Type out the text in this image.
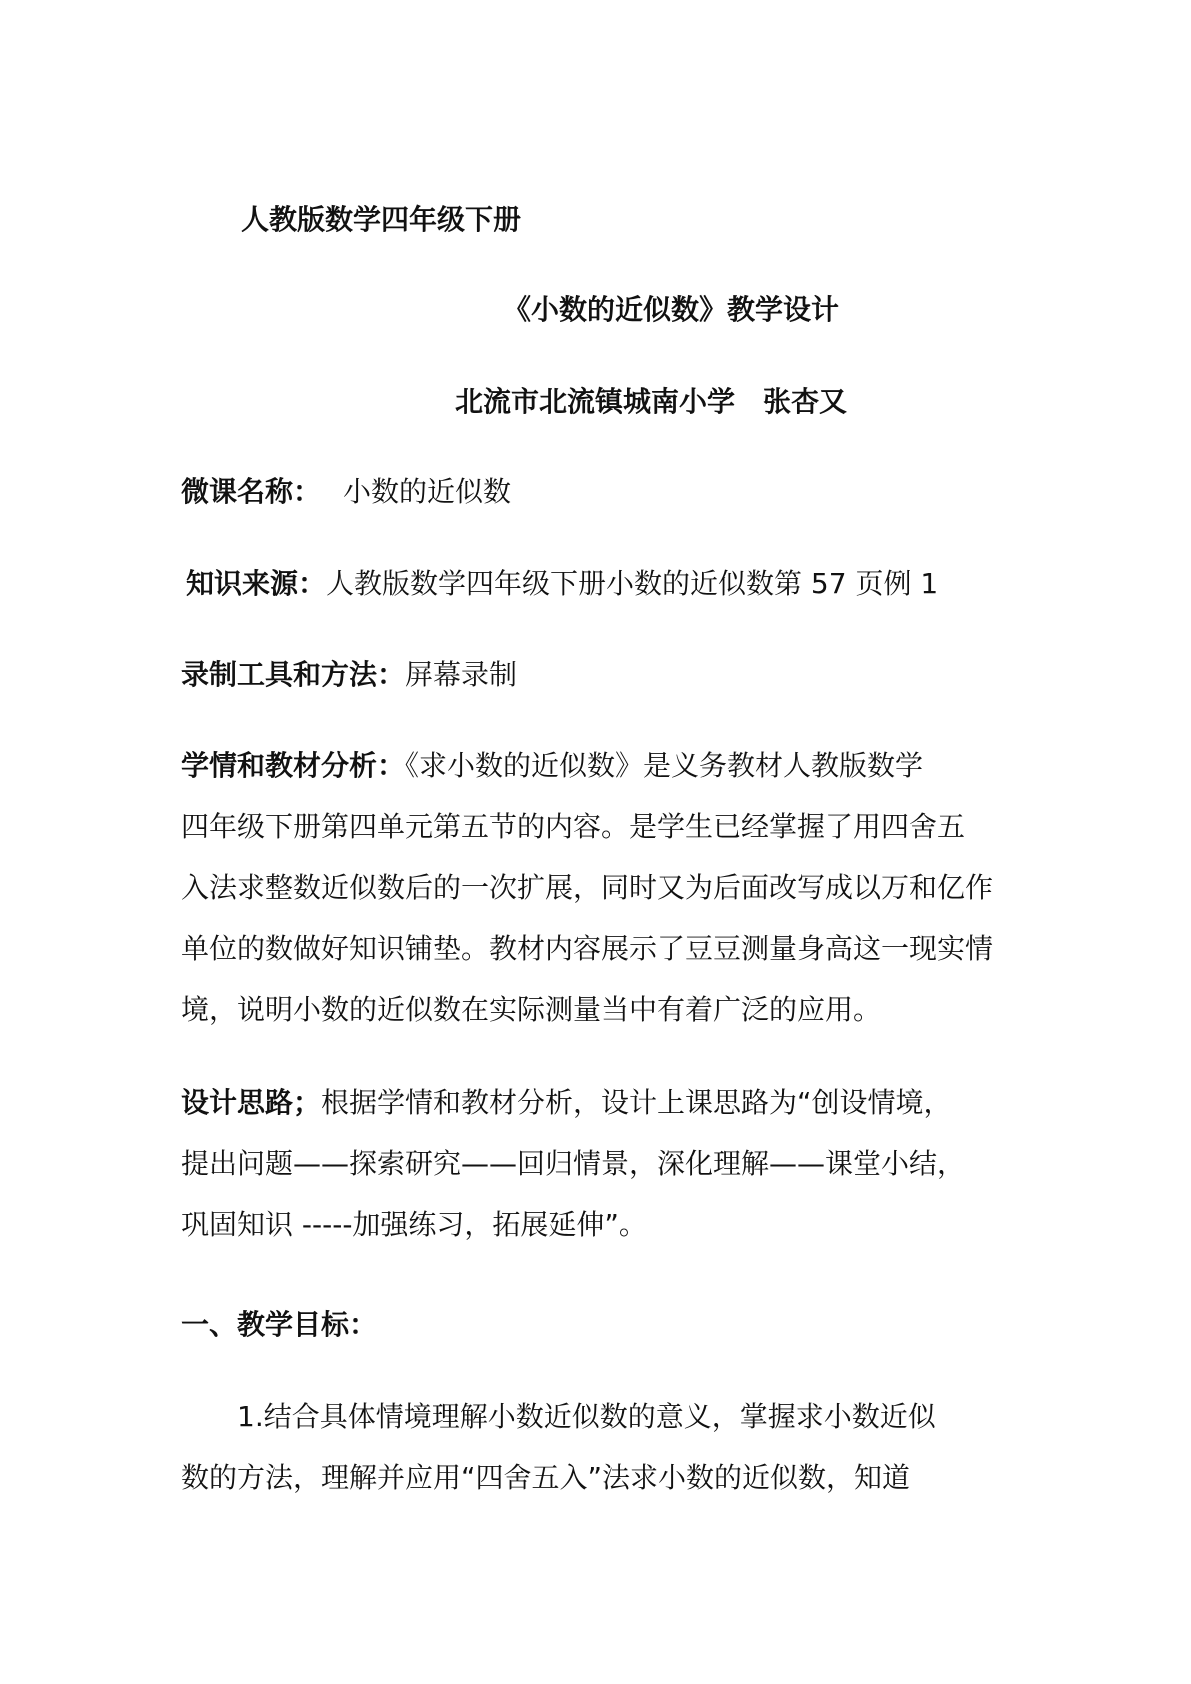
人教版数学四年级下册
《小数的近似数》教学设计
北流市北流镇城南小学　张杏又
微课名称： 小数的近似数
知识来源：人教版数学四年级下册小数的近似数第 57 页例 1
录制工具和方法：屏幕录制
学情和教材分析：《求小数的近似数》是义务教材人教版数学
四年级下册第四单元第五节的内容。是学生已经掌握了用四舍五
入法求整数近似数后的一次扩展，同时又为后面改写成以万和亿作
单位的数做好知识铺垫。教材内容展示了豆豆测量身高这一现实情
境，说明小数的近似数在实际测量当中有着广泛的应用。
设计思路；根据学情和教材分析，设计上课思路为“创设情境，
提出问题——探索研究——回归情景，深化理解——课堂小结，
巩固知识 -----加强练习，拓展延伸”。
一、教学目标：
1.结合具体情境理解小数近似数的意义，掌握求小数近似
数的方法，理解并应用“四舍五入”法求小数的近似数，知道
